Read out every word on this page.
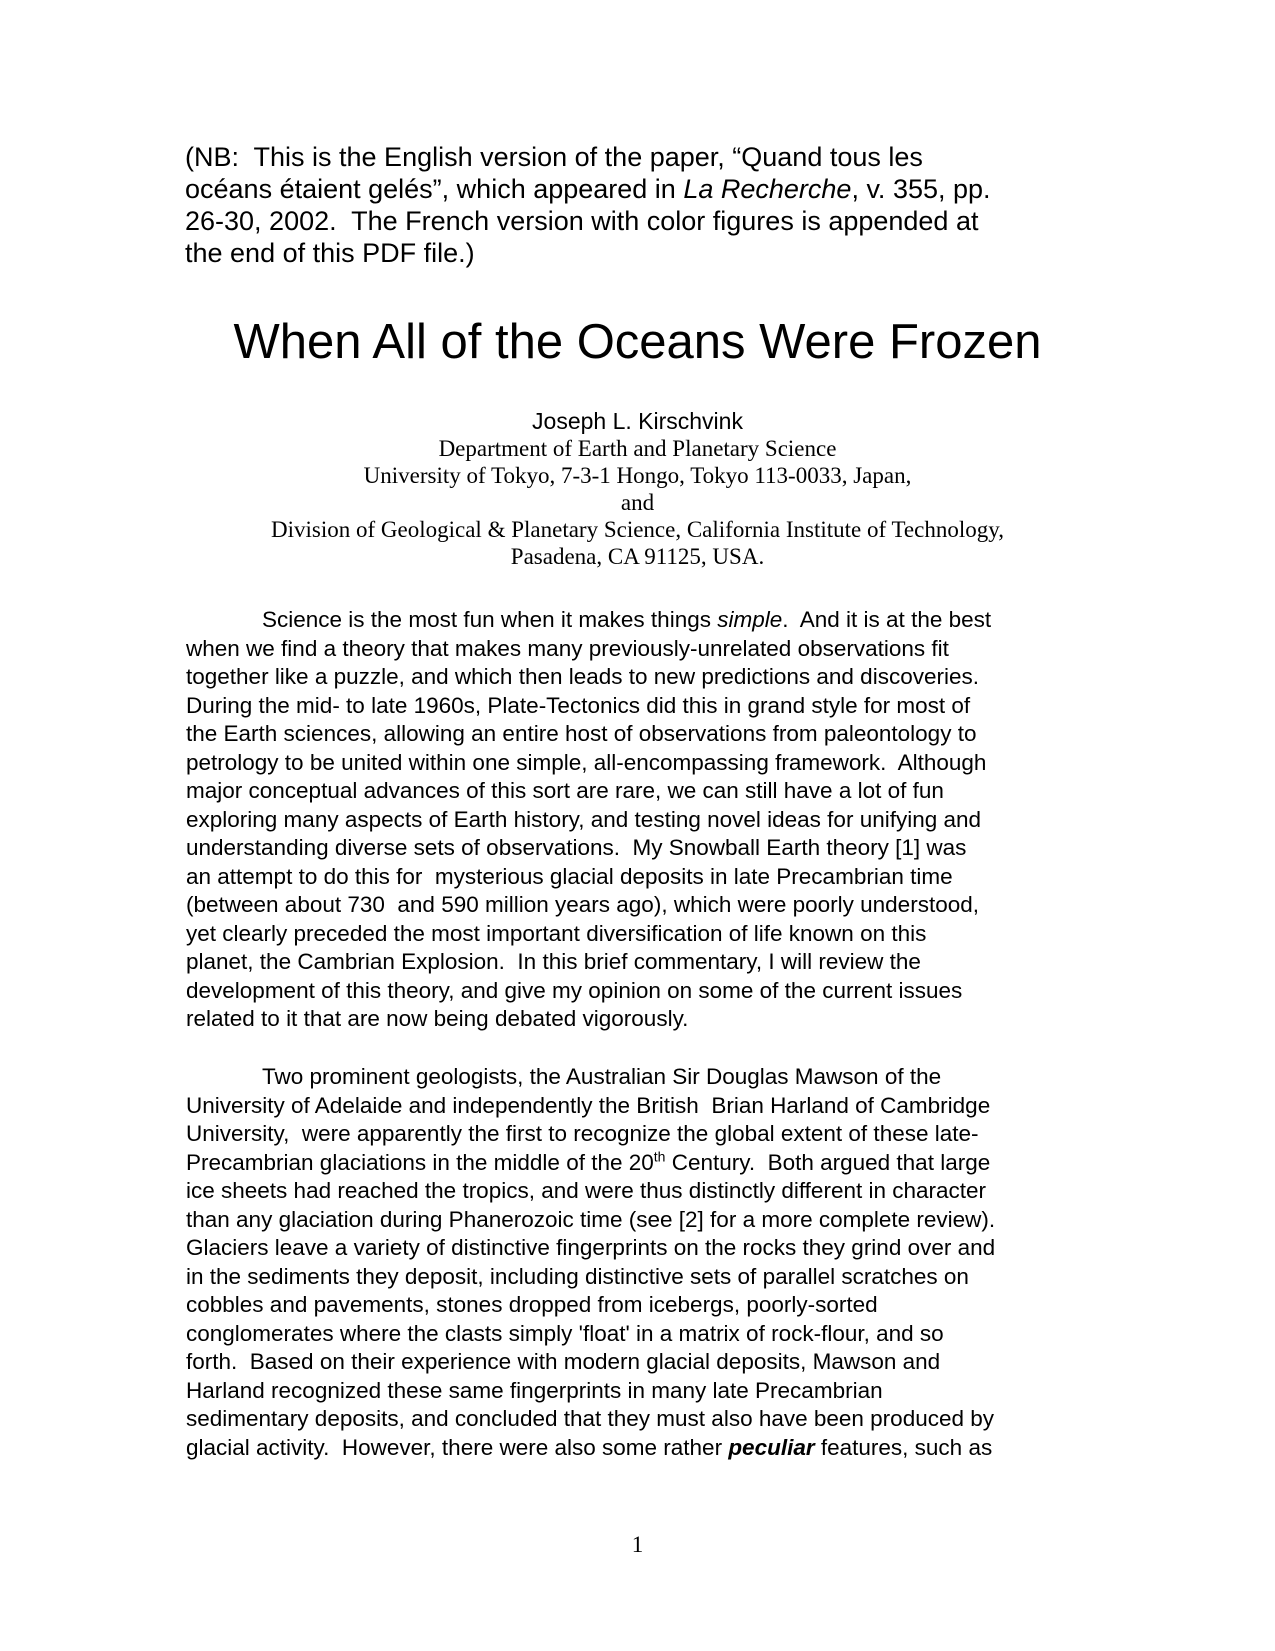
(NB:  This is the English version of the paper, “Quand tous les
océans étaient gelés”, which appeared in La Recherche, v. 355, pp.
26-30, 2002.  The French version with color figures is appended at
the end of this PDF file.)
When All of the Oceans Were Frozen
Joseph L. Kirschvink
Department of Earth and Planetary Science
University of Tokyo, 7-3-1 Hongo, Tokyo 113-0033, Japan,
and
Division of Geological & Planetary Science, California Institute of Technology,
Pasadena, CA 91125, USA.
Science is the most fun when it makes things simple.  And it is at the best
when we find a theory that makes many previously-unrelated observations fit
together like a puzzle, and which then leads to new predictions and discoveries.
During the mid- to late 1960s, Plate-Tectonics did this in grand style for most of
the Earth sciences, allowing an entire host of observations from paleontology to
petrology to be united within one simple, all-encompassing framework.  Although
major conceptual advances of this sort are rare, we can still have a lot of fun
exploring many aspects of Earth history, and testing novel ideas for unifying and
understanding diverse sets of observations.  My Snowball Earth theory [1] was
an attempt to do this for  mysterious glacial deposits in late Precambrian time
(between about 730  and 590 million years ago), which were poorly understood,
yet clearly preceded the most important diversification of life known on this
planet, the Cambrian Explosion.  In this brief commentary, I will review the
development of this theory, and give my opinion on some of the current issues
related to it that are now being debated vigorously.
Two prominent geologists, the Australian Sir Douglas Mawson of the
University of Adelaide and independently the British  Brian Harland of Cambridge
University,  were apparently the first to recognize the global extent of these late-
Precambrian glaciations in the middle of the 20th Century.  Both argued that large
ice sheets had reached the tropics, and were thus distinctly different in character
than any glaciation during Phanerozoic time (see [2] for a more complete review).
Glaciers leave a variety of distinctive fingerprints on the rocks they grind over and
in the sediments they deposit, including distinctive sets of parallel scratches on
cobbles and pavements, stones dropped from icebergs, poorly-sorted
conglomerates where the clasts simply 'float' in a matrix of rock-flour, and so
forth.  Based on their experience with modern glacial deposits, Mawson and
Harland recognized these same fingerprints in many late Precambrian
sedimentary deposits, and concluded that they must also have been produced by
glacial activity.  However, there were also some rather peculiar features, such as
1
